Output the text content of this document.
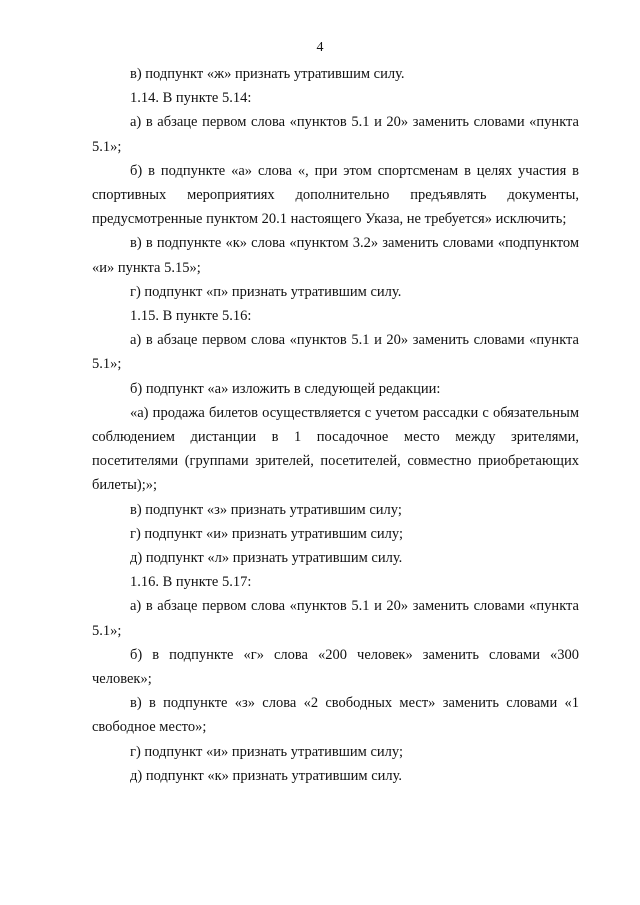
4

в) подпункт «ж» признать утратившим силу.

1.14. В пункте 5.14:

а) в абзаце первом слова «пунктов 5.1 и 20» заменить словами «пункта 5.1»;

б) в подпункте «а» слова «, при этом спортсменам в целях участия в спортивных мероприятиях дополнительно предъявлять документы, предусмотренные пунктом 20.1 настоящего Указа, не требуется» исключить;

в) в подпункте «к» слова «пунктом 3.2» заменить словами «подпунктом «и» пункта 5.15»;

г) подпункт «п» признать утратившим силу.

1.15. В пункте 5.16:

а) в абзаце первом слова «пунктов 5.1 и 20» заменить словами «пункта 5.1»;

б) подпункт «а» изложить в следующей редакции:

«а) продажа билетов осуществляется с учетом рассадки с обязательным соблюдением дистанции в 1 посадочное место между зрителями, посетителями (группами зрителей, посетителей, совместно приобретающих билеты);»;

в) подпункт «з» признать утратившим силу;

г) подпункт «и» признать утратившим силу;

д) подпункт «л» признать утратившим силу.

1.16. В пункте 5.17:

а) в абзаце первом слова «пунктов 5.1 и 20» заменить словами «пункта 5.1»;

б) в подпункте «г» слова «200 человек» заменить словами «300 человек»;

в) в подпункте «з» слова «2 свободных мест» заменить словами «1 свободное место»;

г) подпункт «и» признать утратившим силу;

д) подпункт «к» признать утратившим силу.
